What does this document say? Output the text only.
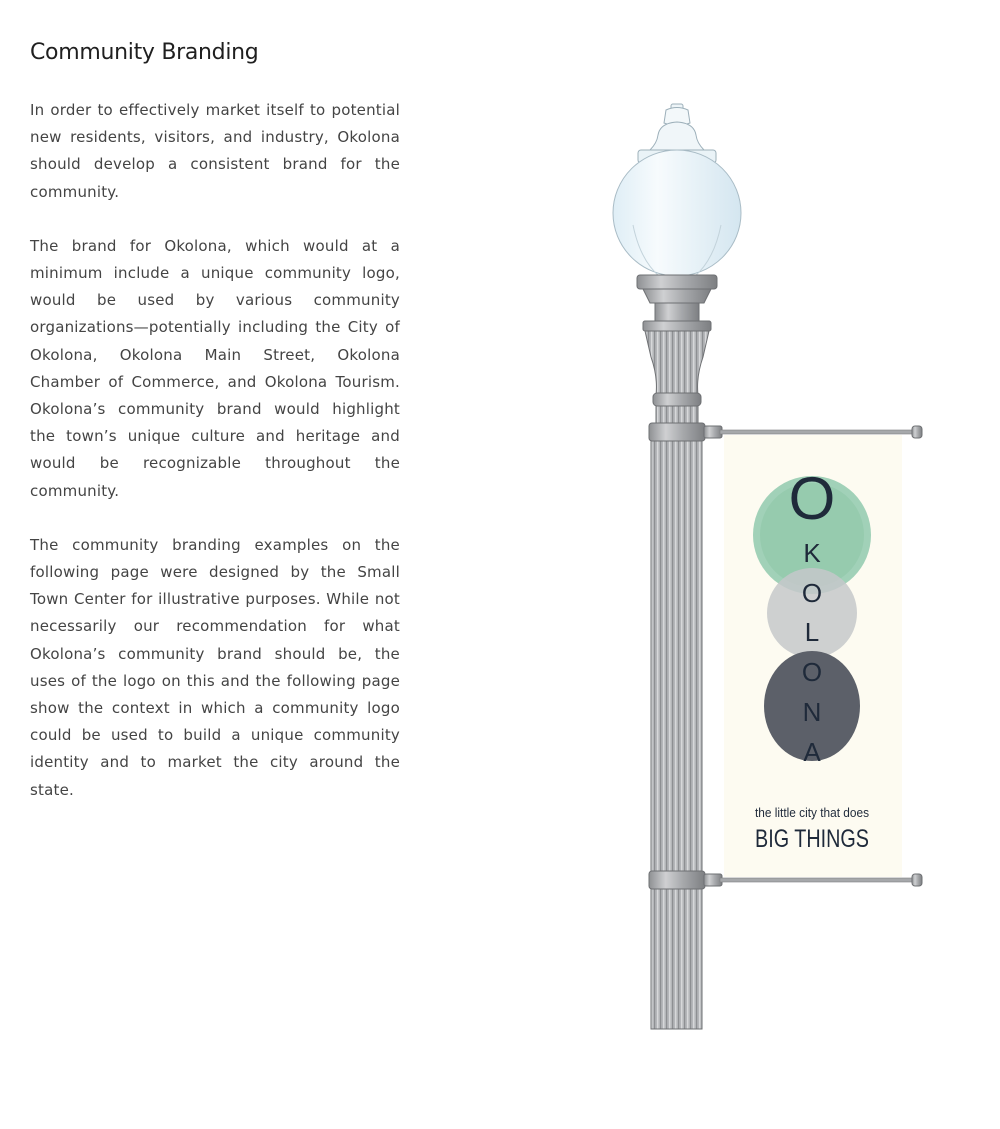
Community Branding

In order to effectively market itself to potential new residents, visitors, and industry, Okolona should develop a consistent brand for the community.

The brand for Okolona, which would at a minimum include a unique community logo, would be used by various community organizations—potentially including the City of Okolona, Okolona Main Street, Okolona Chamber of Commerce, and Okolona Tourism. Okolona’s community brand would highlight the town’s unique culture and heritage and would be recognizable throughout the community.

The community branding examples on the following page were designed by the Small Town Center for illustrative purposes. While not necessarily our recommendation for what Okolona’s community brand should be, the uses of the logo on this and the following page show the context in which a community logo could be used to build a unique community identity and to market the city around the state.

O
K
O
L
O
N
A
the little city that does
BIG THINGS
